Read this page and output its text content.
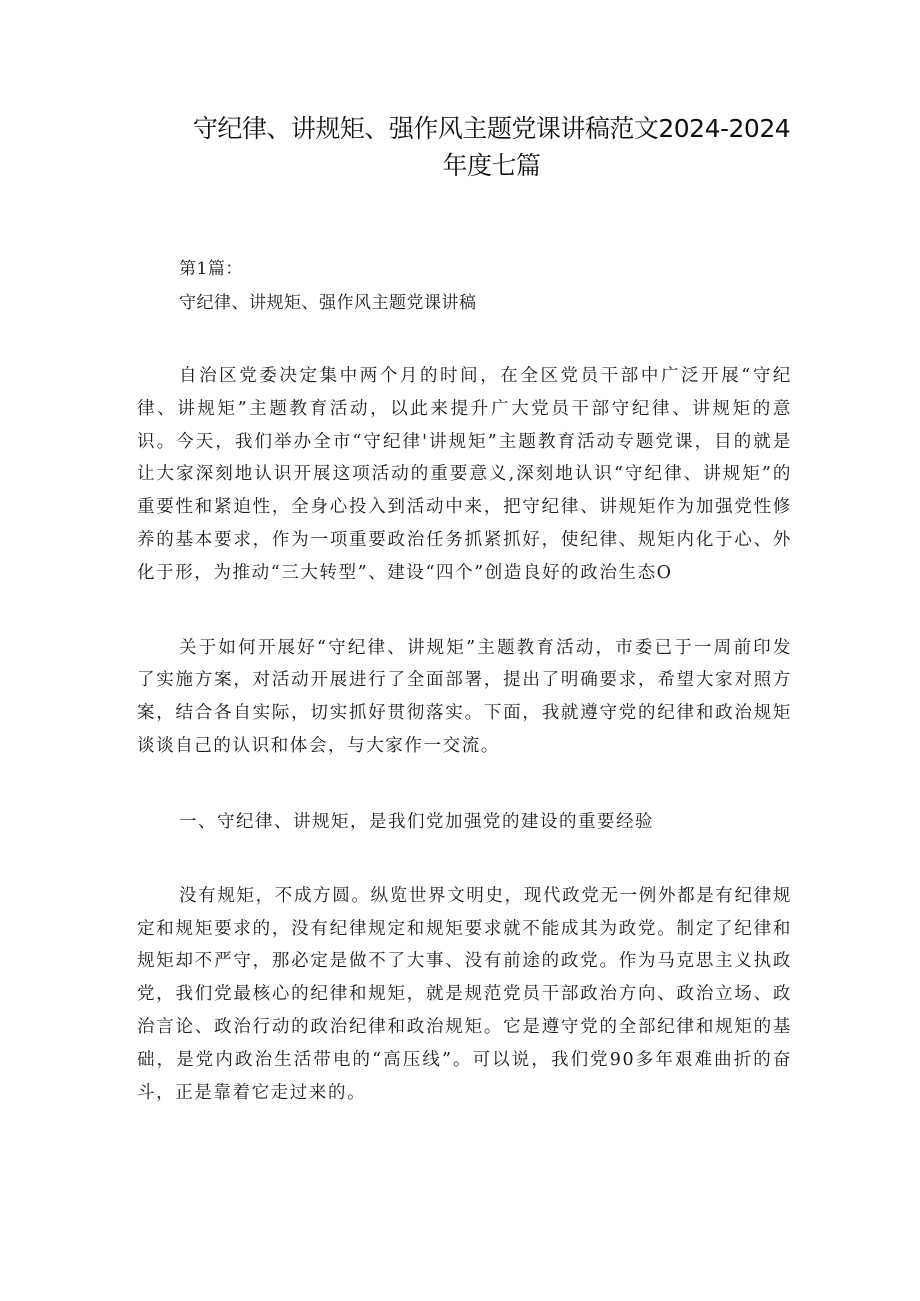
守纪律、讲规矩、强作风主题党课讲稿范文2024-2024年度七篇

第1篇：

守纪律、讲规矩、强作风主题党课讲稿

自治区党委决定集中两个月的时间，在全区党员干部中广泛开展“守纪律、讲规矩”主题教育活动，以此来提升广大党员干部守纪律、讲规矩的意识。今天，我们举办全市“守纪律'讲规矩”主题教育活动专题党课，目的就是让大家深刻地认识开展这项活动的重要意义,深刻地认识“守纪律、讲规矩”的重要性和紧迫性，全身心投入到活动中来，把守纪律、讲规矩作为加强党性修养的基本要求，作为一项重要政治任务抓紧抓好，使纪律、规矩内化于心、外化于形，为推动“三大转型”、建设“四个”创造良好的政治生态O

关于如何开展好“守纪律、讲规矩”主题教育活动，市委已于一周前印发了实施方案，对活动开展进行了全面部署，提出了明确要求，希望大家对照方案，结合各自实际，切实抓好贯彻落实。下面，我就遵守党的纪律和政治规矩谈谈自己的认识和体会，与大家作一交流。

一、守纪律、讲规矩，是我们党加强党的建设的重要经验

没有规矩，不成方圆。纵览世界文明史，现代政党无一例外都是有纪律规定和规矩要求的，没有纪律规定和规矩要求就不能成其为政党。制定了纪律和规矩却不严守，那必定是做不了大事、没有前途的政党。作为马克思主义执政党，我们党最核心的纪律和规矩，就是规范党员干部政治方向、政治立场、政治言论、政治行动的政治纪律和政治规矩。它是遵守党的全部纪律和规矩的基础，是党内政治生活带电的“高压线”。可以说，我们党90多年艰难曲折的奋斗，正是靠着它走过来的。
